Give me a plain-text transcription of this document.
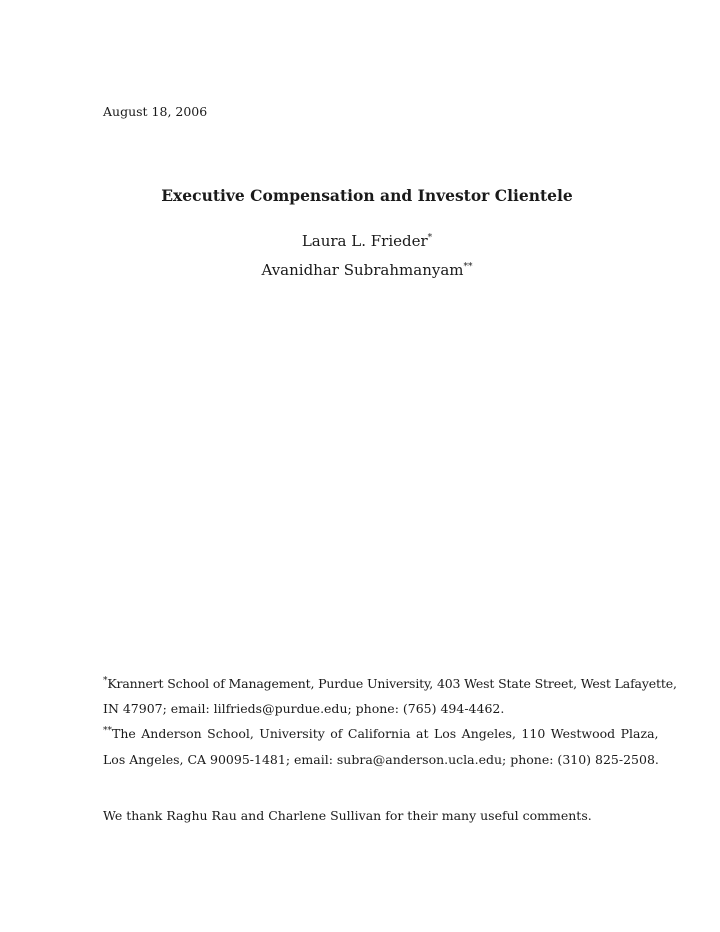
August 18, 2006
Executive Compensation and Investor Clientele
Laura L. Frieder*
Avanidhar Subrahmanyam**
*Krannert School of Management, Purdue University, 403 West State Street, West Lafayette,
IN 47907; email: lilfrieds@purdue.edu; phone: (765) 494-4462.
**The Anderson School, University of California at Los Angeles, 110 Westwood Plaza,
Los Angeles, CA 90095-1481; email: subra@anderson.ucla.edu; phone: (310) 825-2508.
We thank Raghu Rau and Charlene Sullivan for their many useful comments.
